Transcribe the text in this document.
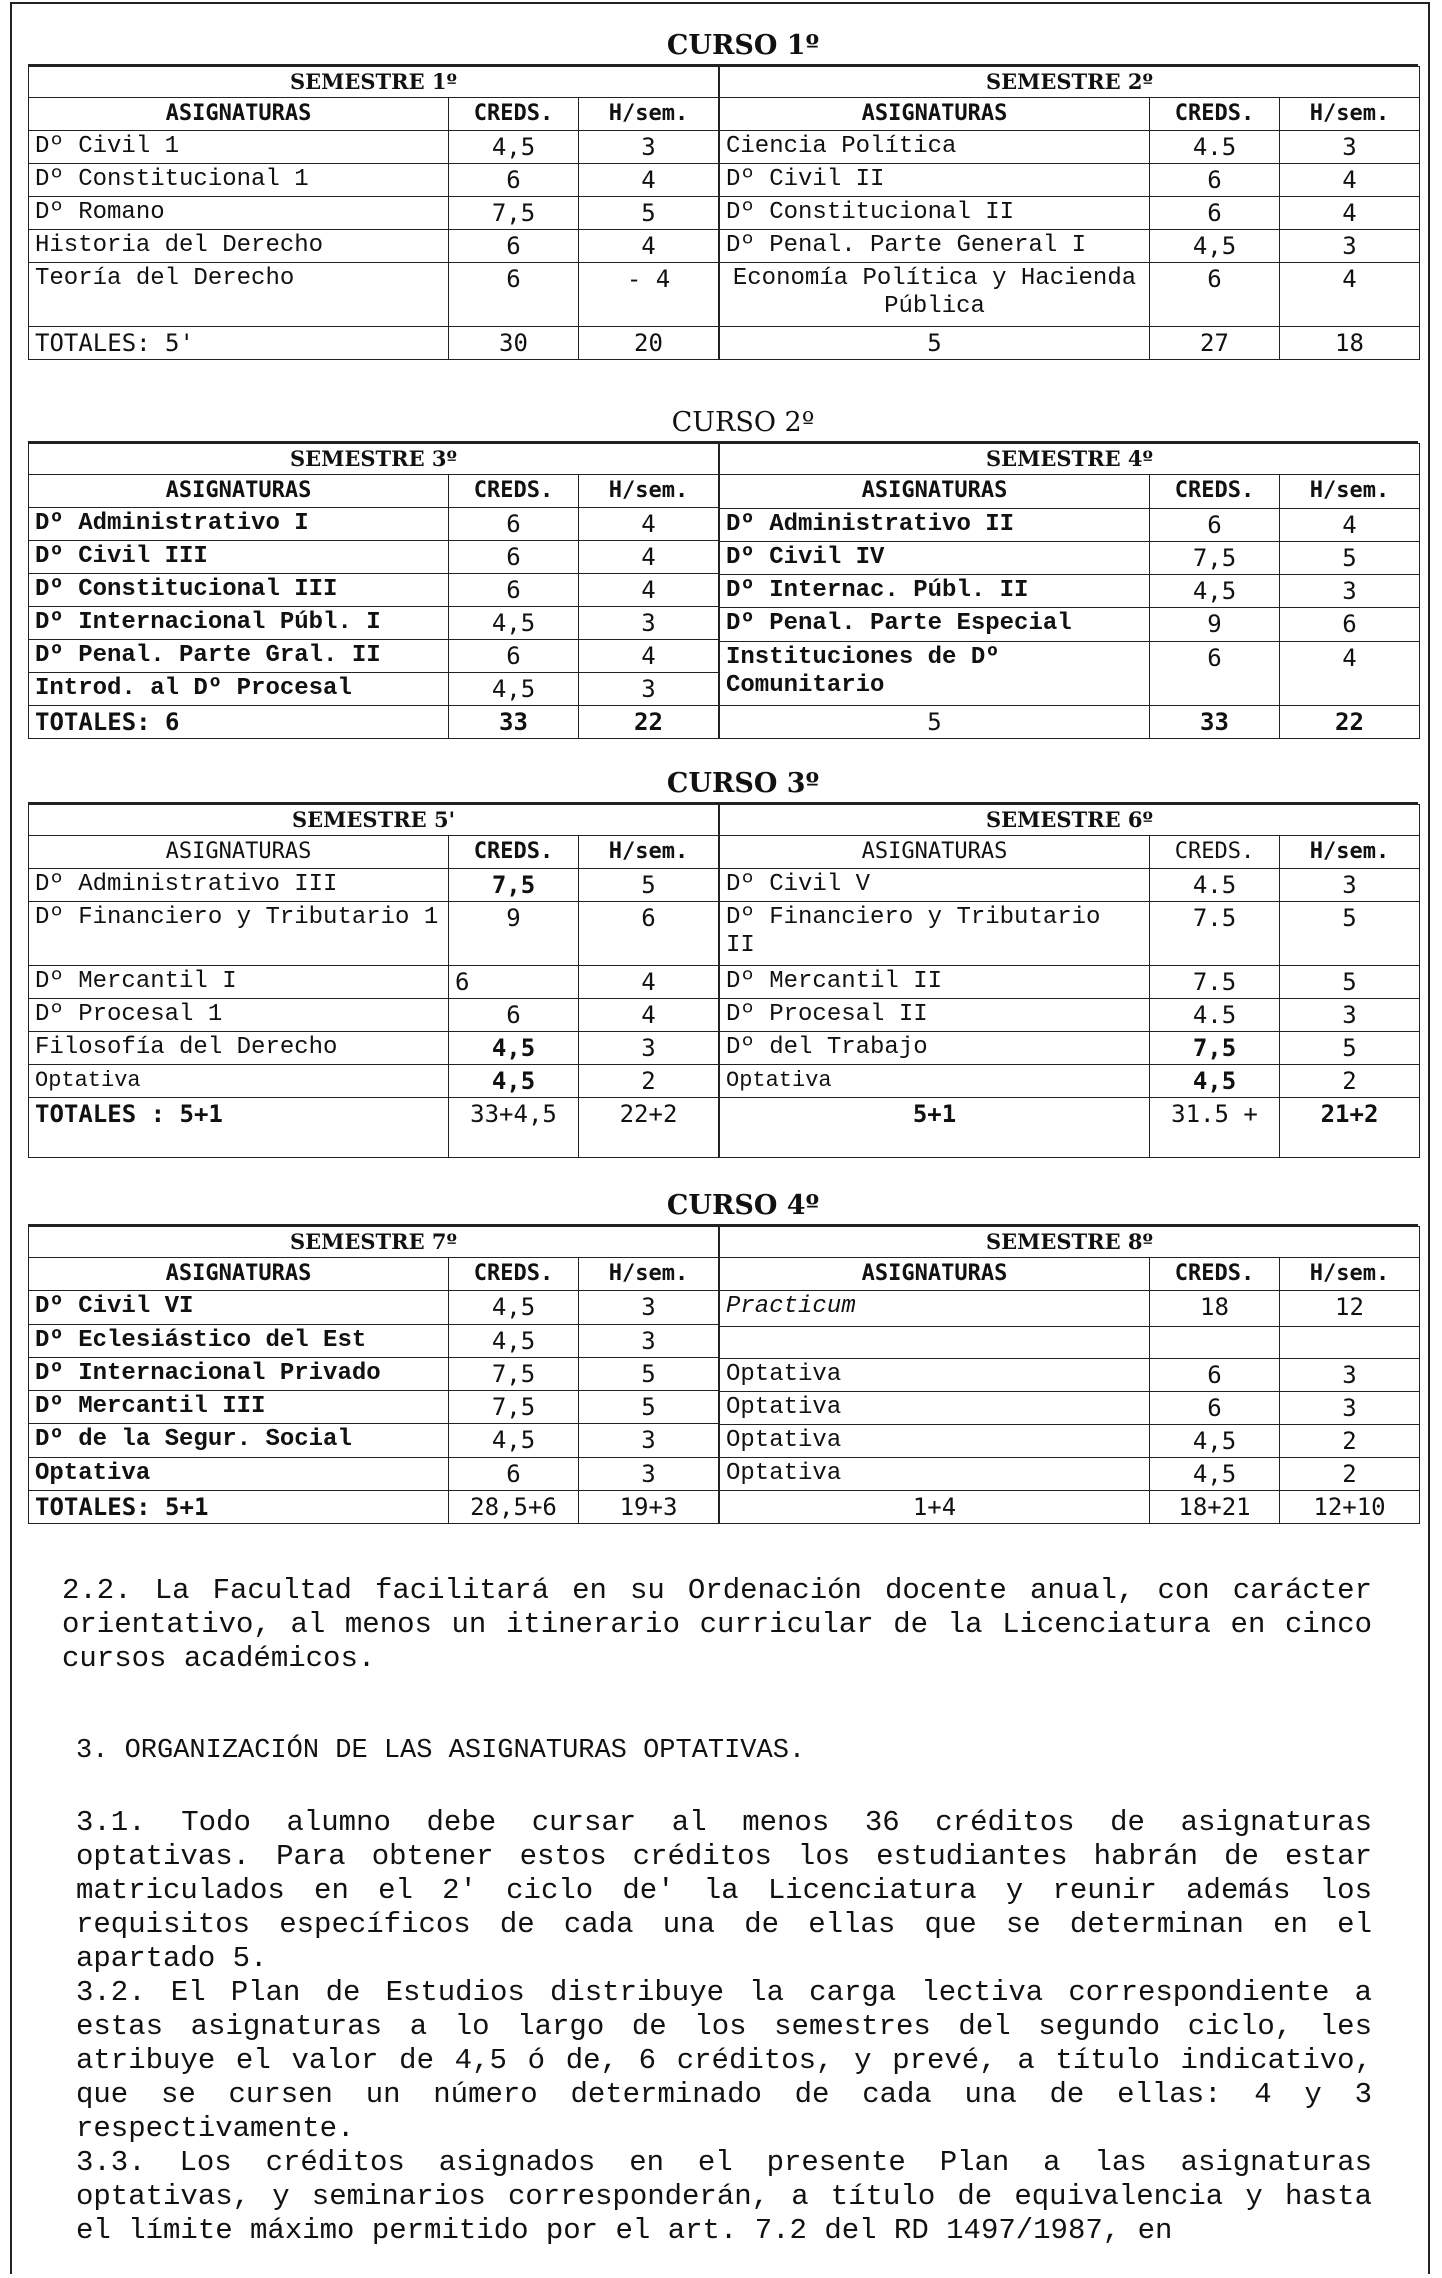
CURSO 1º
SEMESTRE 1º		
ASIGNATURAS	CREDS.	H/sem.
Dº Civil 1	4,5	3
Dº Constitucional 1	6	4
Dº Romano	7,5	5
Historia del Derecho	6	4
Teoría del Derecho	6	- 4
TOTALES: 5'	30	20
SEMESTRE 2º		
ASIGNATURAS	CREDS.	H/sem.
Ciencia Política	4.5	3
Dº Civil II	6	4
Dº Constitucional II	6	4
Dº Penal. Parte General I	4,5	3
Economía Política y Hacienda Pública	6	4
5	27	18
CURSO 2º
SEMESTRE 3º		
ASIGNATURAS	CREDS.	H/sem.
Dº Administrativo I	6	4
Dº Civil III	6	4
Dº Constitucional III	6	4
Dº Internacional Públ. I	4,5	3
Dº Penal. Parte Gral. II	6	4
Introd. al Dº Procesal	4,5	3
TOTALES: 6	33	22
SEMESTRE 4º		
ASIGNATURAS	CREDS.	H/sem.
Dº Administrativo II	6	4
Dº Civil IV	7,5	5
Dº Internac. Públ. II	4,5	3
Dº Penal. Parte Especial	9	6
Instituciones de Dº Comunitario	6	4
5	33	22
CURSO 3º
SEMESTRE 5'		
ASIGNATURAS	CREDS.	H/sem.
Dº Administrativo III	7,5	5
Dº Financiero y Tributario 1	9	6
Dº Mercantil I	6	4
Dº Procesal 1	6	4
Filosofía del Derecho	4,5	3
Optativa	4,5	2
TOTALES : 5+1	33+4,5	22+2
SEMESTRE 6º		
ASIGNATURAS	CREDS.	H/sem.
Dº Civil V	4.5	3
Dº Financiero y Tributario II	7.5	5
Dº Mercantil II	7.5	5
Dº Procesal II	4.5	3
Dº del Trabajo	7,5	5
Optativa	4,5	2
5+1	31.5 +	21+2
CURSO 4º
SEMESTRE 7º		
ASIGNATURAS	CREDS.	H/sem.
Dº Civil VI	4,5	3
Dº Eclesiástico del Est	4,5	3
Dº Internacional Privado	7,5	5
Dº Mercantil III	7,5	5
Dº de la Segur. Social	4,5	3
Optativa	6	3
TOTALES: 5+1	28,5+6	19+3
SEMESTRE 8º		
ASIGNATURAS	CREDS.	H/sem.
Practicum	18	12

Optativa	6	3
Optativa	6	3
Optativa	4,5	2
Optativa	4,5	2
1+4	18+21	12+10

2.2. La Facultad facilitará en su Ordenación docente anual, con carácter orientativo, al menos un itinerario curricular de la Licenciatura en cinco cursos académicos.

3. ORGANIZACIÓN DE LAS ASIGNATURAS OPTATIVAS.

3.1. Todo alumno debe cursar al menos 36 créditos de asignaturas optativas. Para obtener estos créditos los estudiantes habrán de estar matriculados en el 2' ciclo de' la Licenciatura y reunir además los requisitos específicos de cada una de ellas que se determinan en el apartado 5.

3.2. El Plan de Estudios distribuye la carga lectiva correspondiente a estas asignaturas a lo largo de los semestres del segundo ciclo, les atribuye el valor de 4,5 ó de, 6 créditos, y prevé, a título indicativo, que se cursen un número determinado de cada una de ellas: 4 y 3 respectivamente.

3.3. Los créditos asignados en el presente Plan a las asignaturas optativas, y seminarios corresponderán, a título de equivalencia y hasta el límite máximo permitido por el art. 7.2 del RD 1497/1987, en
